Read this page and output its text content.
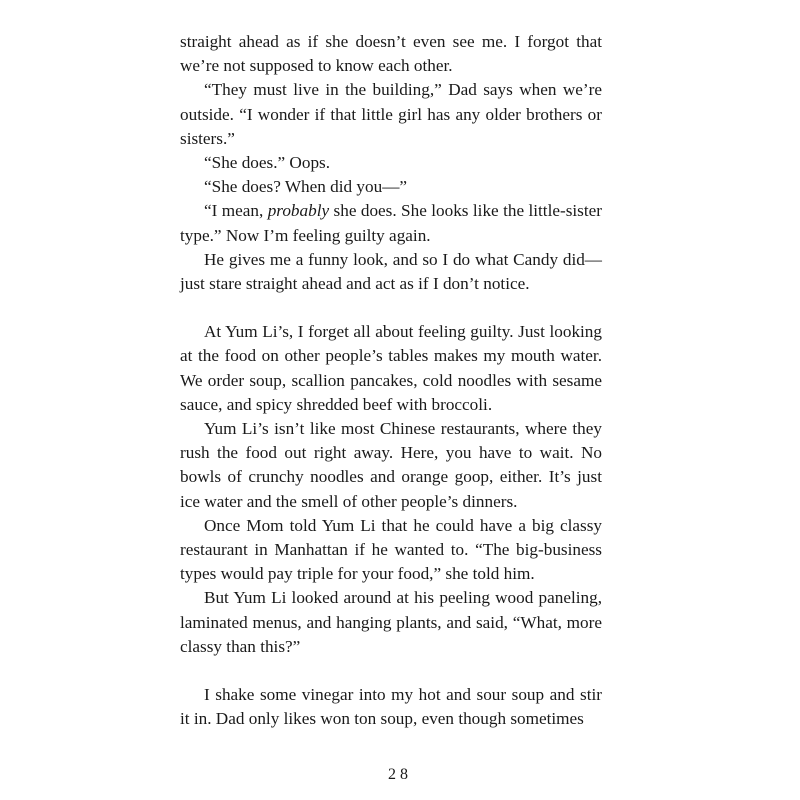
straight ahead as if she doesn’t even see me. I forgot that we’re not supposed to know each other.

“They must live in the building,” Dad says when we’re outside. “I wonder if that little girl has any older brothers or sisters.”

“She does.” Oops.

“She does? When did you—”

“I mean, probably she does. She looks like the little-sister type.” Now I’m feeling guilty again.

He gives me a funny look, and so I do what Candy did—just stare straight ahead and act as if I don’t notice.

At Yum Li’s, I forget all about feeling guilty. Just looking at the food on other people’s tables makes my mouth water. We order soup, scallion pancakes, cold noodles with sesame sauce, and spicy shredded beef with broccoli.

Yum Li’s isn’t like most Chinese restaurants, where they rush the food out right away. Here, you have to wait. No bowls of crunchy noodles and orange goop, either. It’s just ice water and the smell of other people’s dinners.

Once Mom told Yum Li that he could have a big classy restaurant in Manhattan if he wanted to. “The big-business types would pay triple for your food,” she told him.

But Yum Li looked around at his peeling wood paneling, laminated menus, and hanging plants, and said, “What, more classy than this?”

I shake some vinegar into my hot and sour soup and stir it in. Dad only likes won ton soup, even though sometimes

28
